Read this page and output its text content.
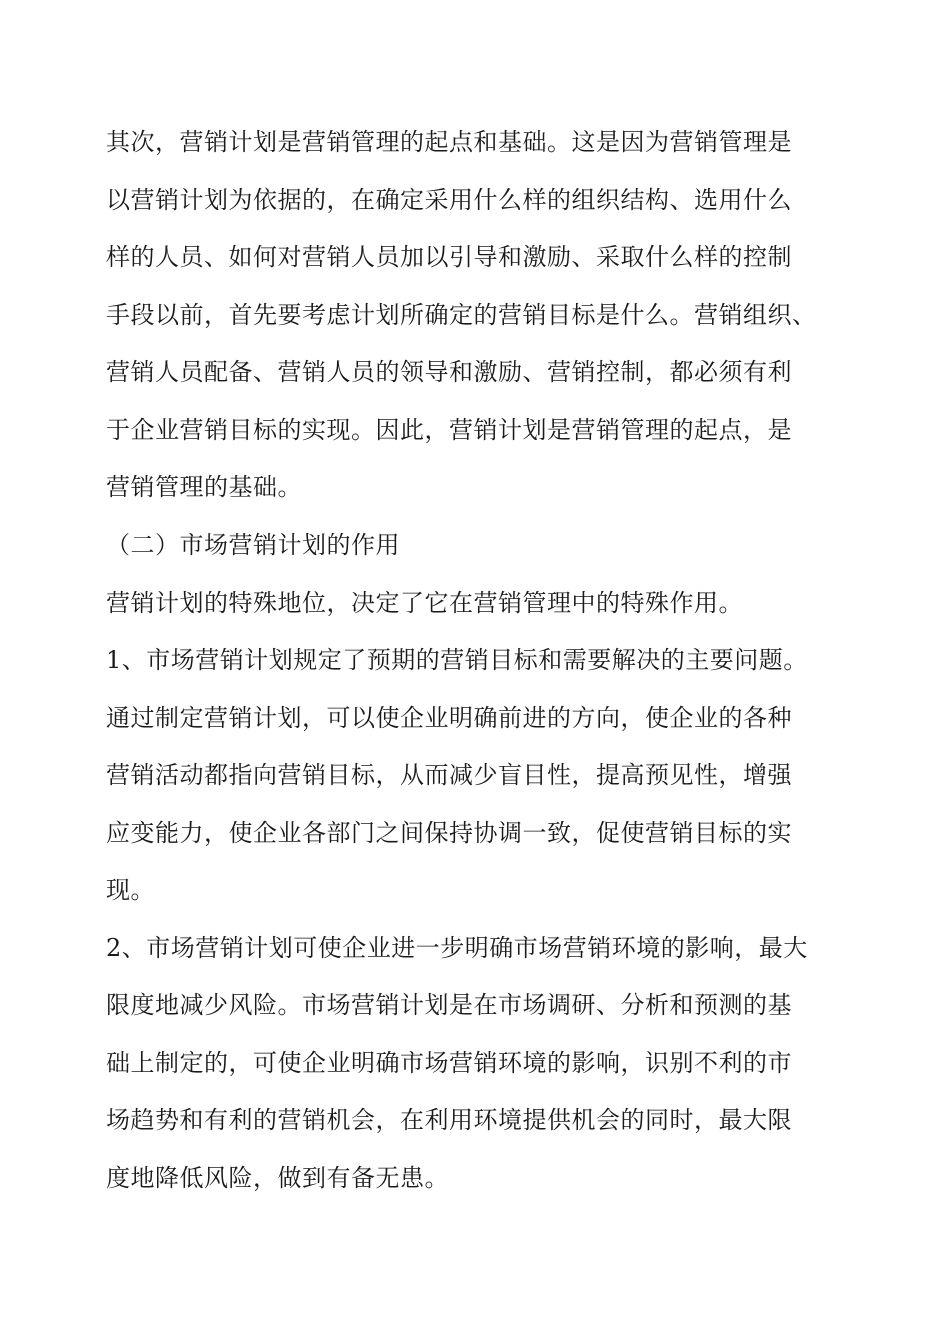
其次，营销计划是营销管理的起点和基础。这是因为营销管理是
以营销计划为依据的，在确定采用什么样的组织结构、选用什么
样的人员、如何对营销人员加以引导和激励、采取什么样的控制
手段以前，首先要考虑计划所确定的营销目标是什么。营销组织、
营销人员配备、营销人员的领导和激励、营销控制，都必须有利
于企业营销目标的实现。因此，营销计划是营销管理的起点，是
营销管理的基础。
（二）市场营销计划的作用
营销计划的特殊地位，决定了它在营销管理中的特殊作用。
1、市场营销计划规定了预期的营销目标和需要解决的主要问题。
通过制定营销计划，可以使企业明确前进的方向，使企业的各种
营销活动都指向营销目标，从而减少盲目性，提高预见性，增强
应变能力，使企业各部门之间保持协调一致，促使营销目标的实
现。
2、市场营销计划可使企业进一步明确市场营销环境的影响，最大
限度地减少风险。市场营销计划是在市场调研、分析和预测的基
础上制定的，可使企业明确市场营销环境的影响，识别不利的市
场趋势和有利的营销机会，在利用环境提供机会的同时，最大限
度地降低风险，做到有备无患。
